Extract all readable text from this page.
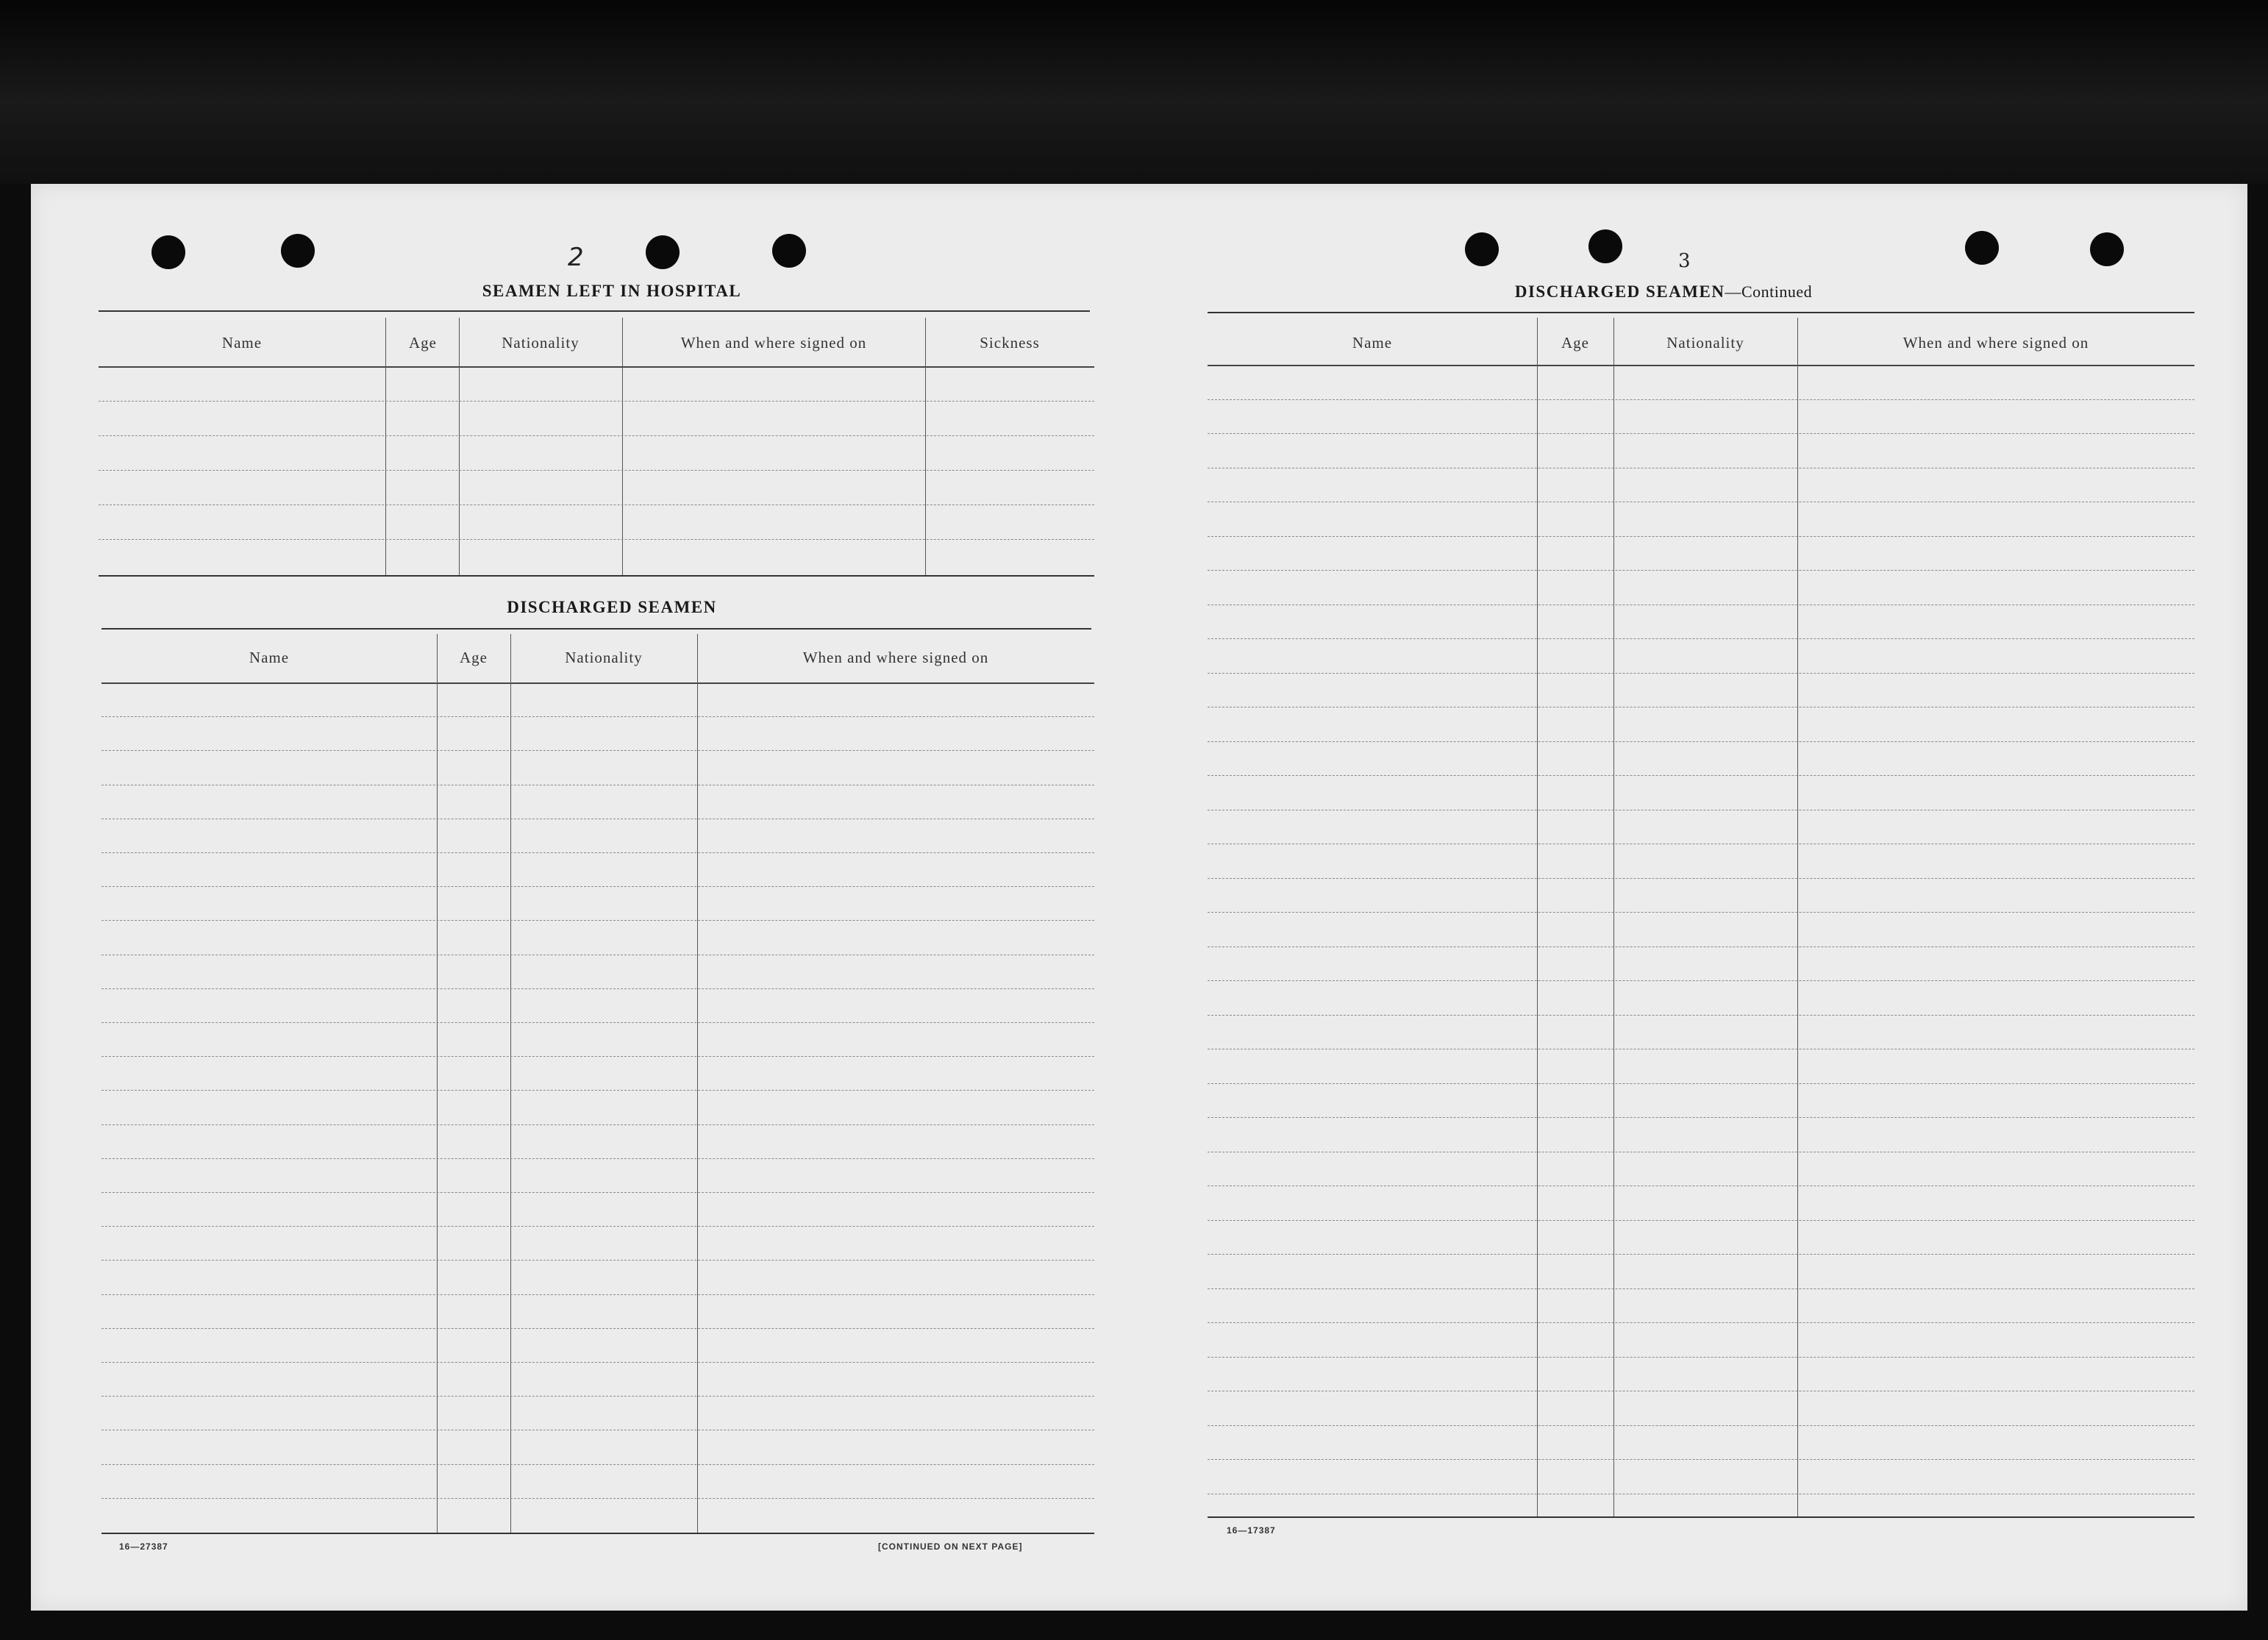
2
SEAMEN LEFT IN HOSPITAL
Name	Age	Nationality	When and where signed on	Sickness
DISCHARGED SEAMEN
Name	Age	Nationality	When and where signed on
16—27387	[CONTINUED ON NEXT PAGE]
3
DISCHARGED SEAMEN—Continued
Name	Age	Nationality	When and where signed on
16—17387
